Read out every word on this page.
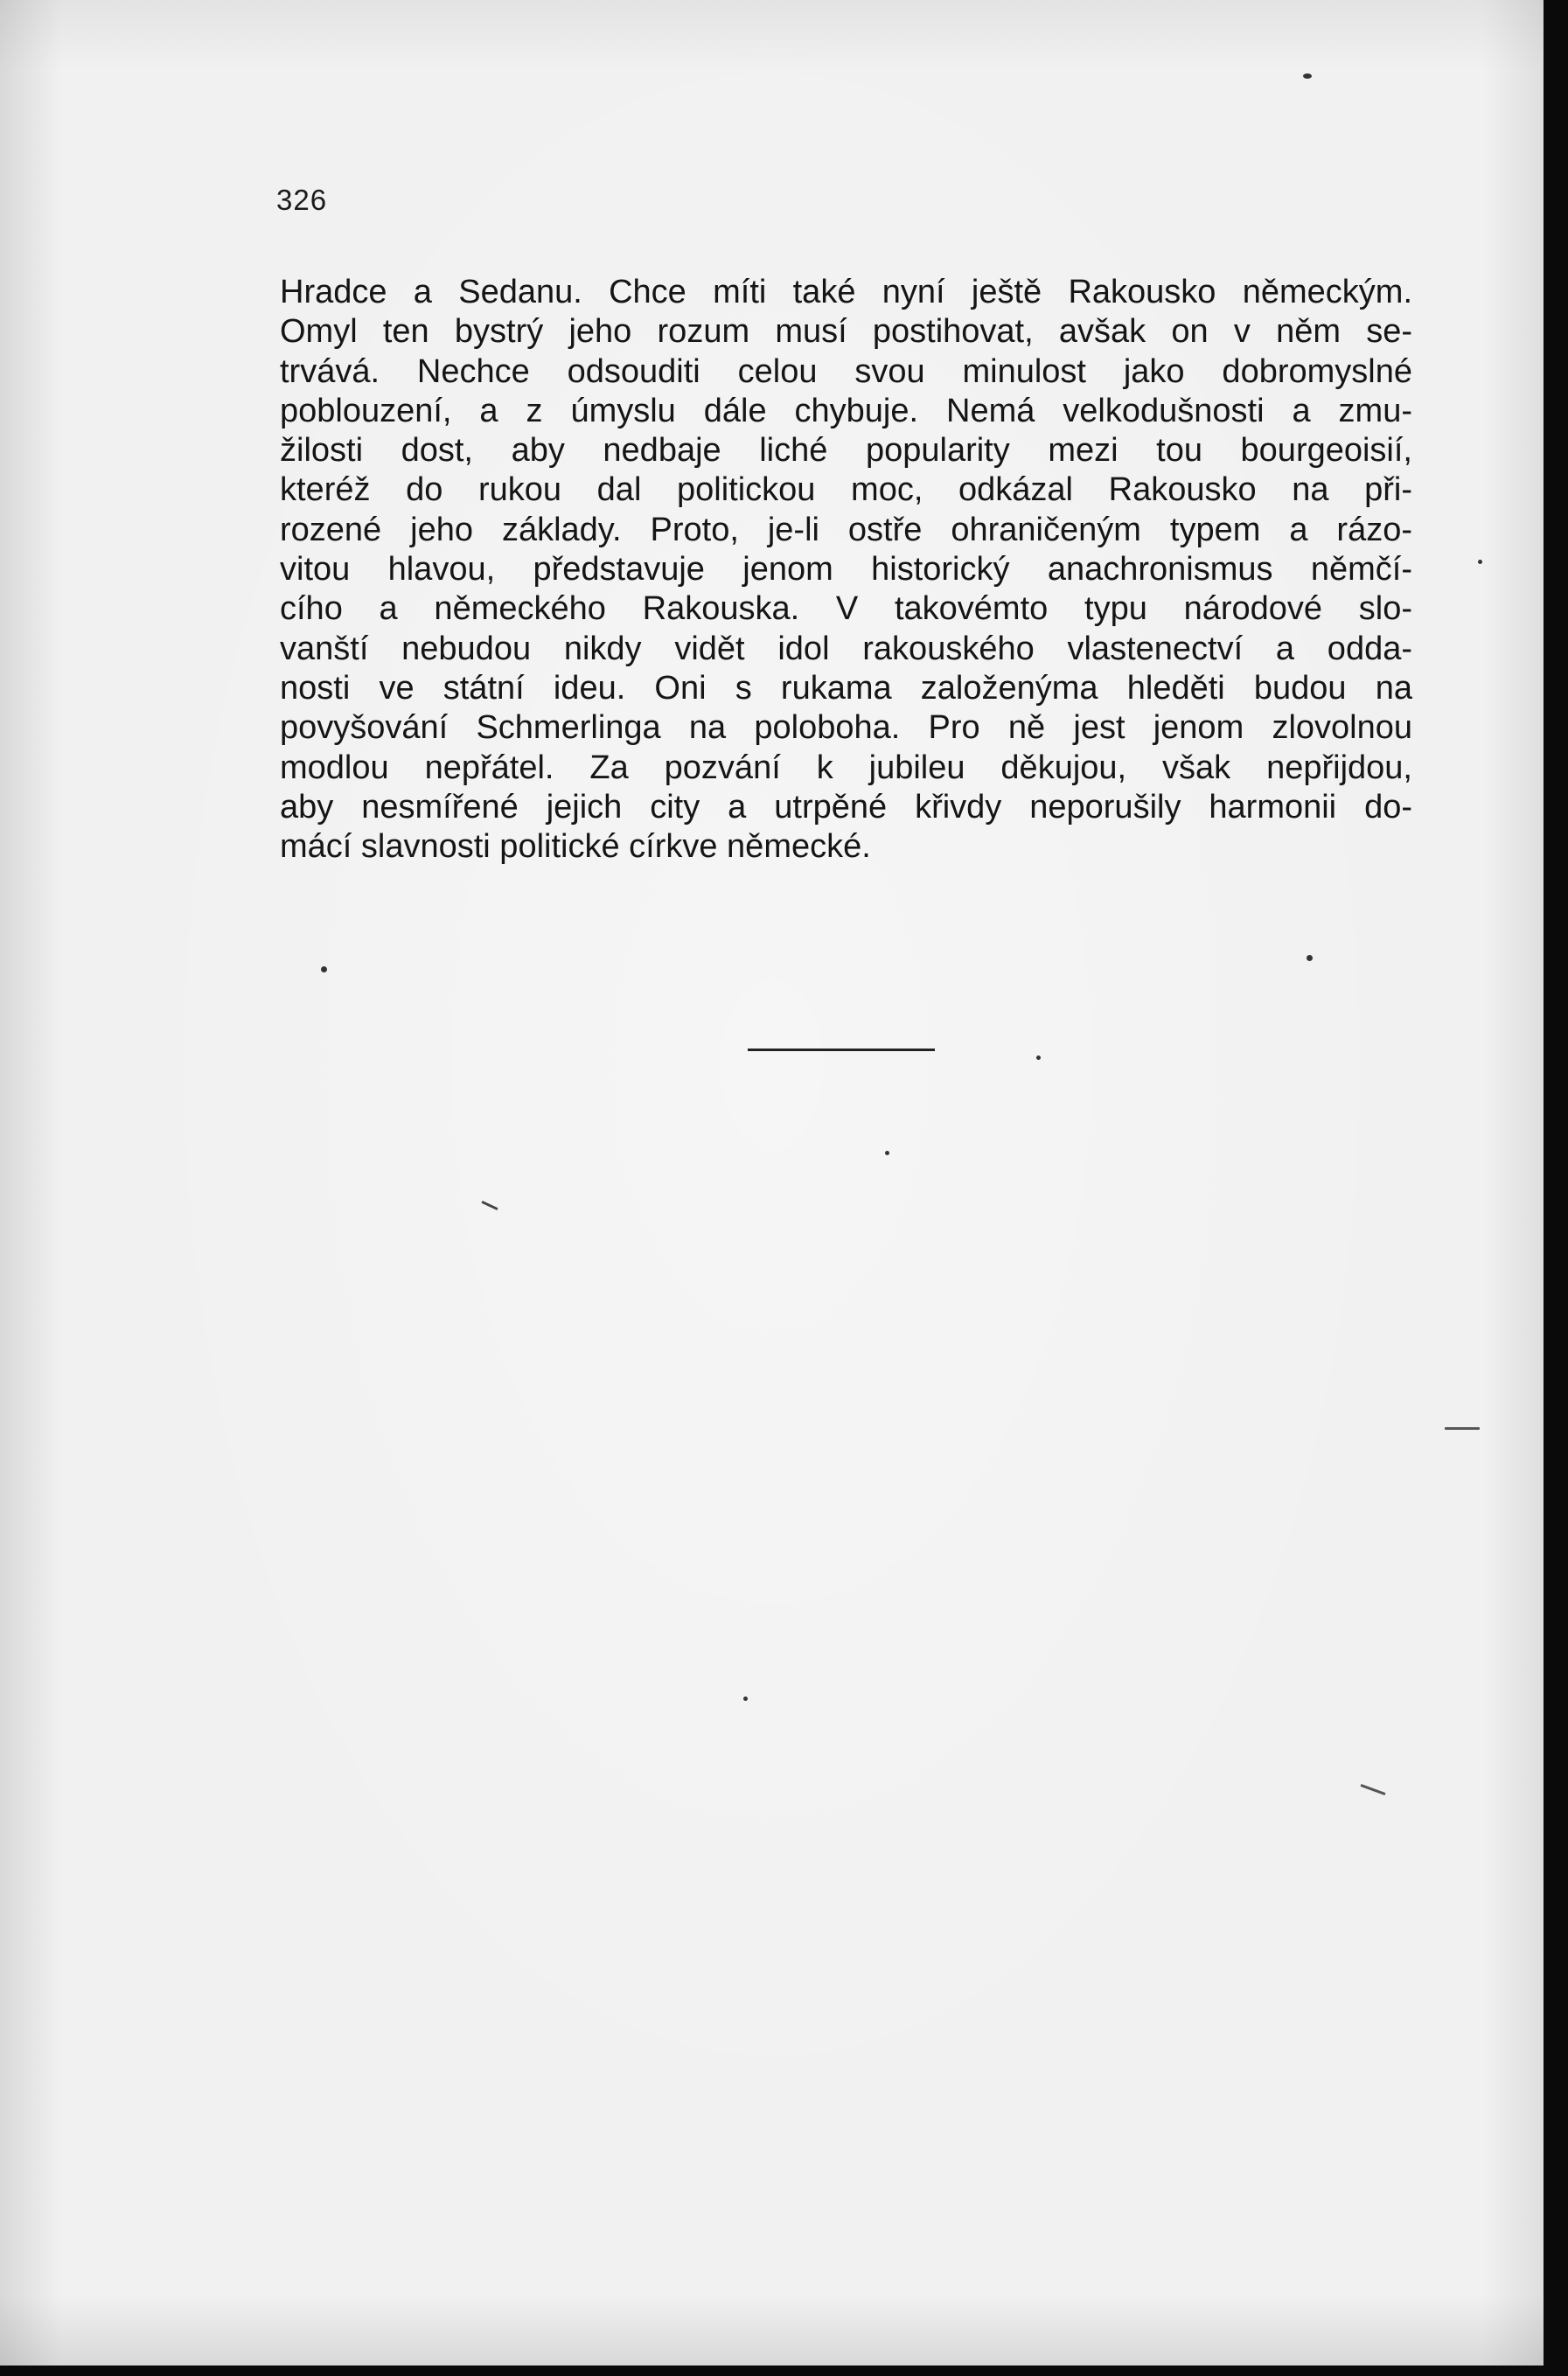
326
Hradce a Sedanu. Chce míti také nyní ještě Rakousko německým.
Omyl ten bystrý jeho rozum musí postihovat, avšak on v něm se-
trvává. Nechce odsouditi celou svou minulost jako dobromyslné
poblouzení, a z úmyslu dále chybuje. Nemá velkodušnosti a zmu-
žilosti dost, aby nedbaje liché popularity mezi tou bourgeoisií,
kteréž do rukou dal politickou moc, odkázal Rakousko na při-
rozené jeho základy. Proto, je-li ostře ohraničeným typem a rázo-
vitou hlavou, představuje jenom historický anachronismus němčí-
cího a německého Rakouska. V takovémto typu národové slo-
vanští nebudou nikdy vidět idol rakouského vlastenectví a odda-
nosti ve státní ideu. Oni s rukama založenýma hleděti budou na
povyšování Schmerlinga na poloboha. Pro ně jest jenom zlovolnou
modlou nepřátel. Za pozvání k jubileu děkujou, však nepřijdou,
aby nesmířené jejich city a utrpěné křivdy neporušily harmonii do-
mácí slavnosti politické církve německé.
